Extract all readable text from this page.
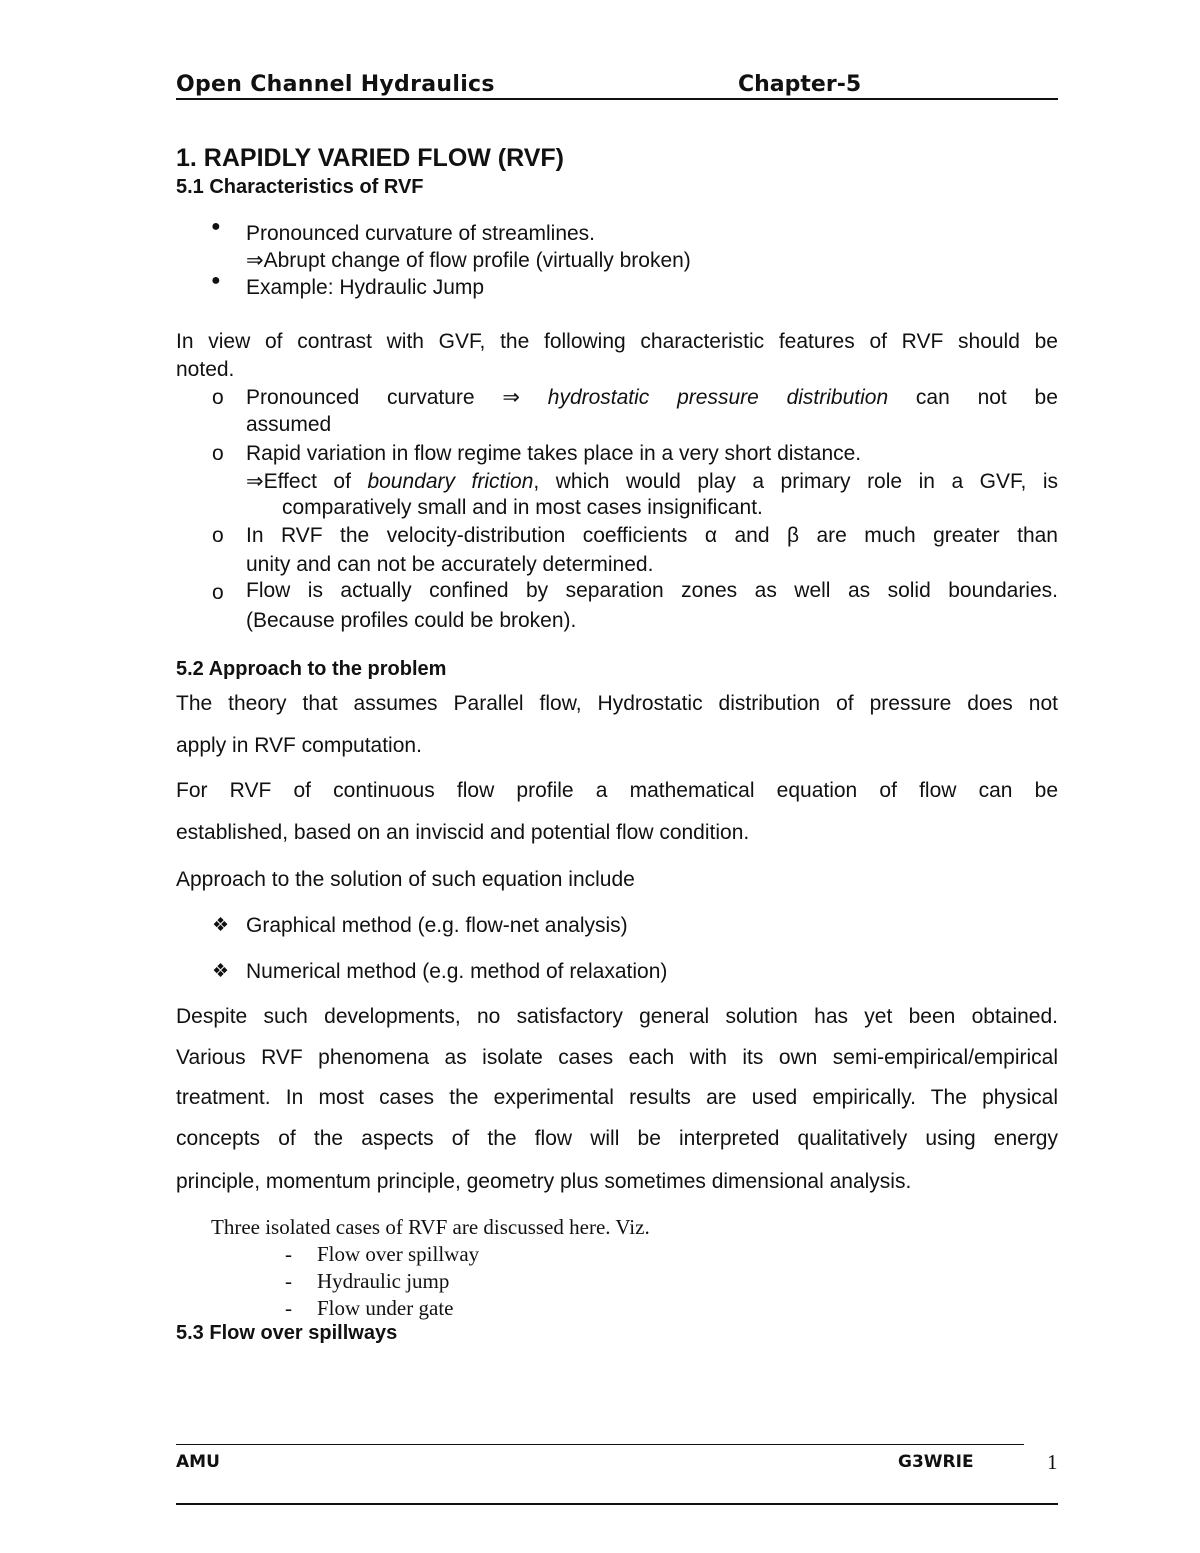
Open Channel Hydraulics	Chapter-5
1. RAPIDLY VARIED FLOW (RVF)
5.1 Characteristics of RVF
● Pronounced curvature of streamlines.
⇒Abrupt change of flow profile (virtually broken)
● Example: Hydraulic Jump
In view of contrast with GVF, the following characteristic features of RVF should be
noted.
o Pronounced curvature ⇒ hydrostatic pressure distribution can not be
assumed
o Rapid variation in flow regime takes place in a very short distance.
⇒Effect of boundary friction, which would play a primary role in a GVF, is
comparatively small and in most cases insignificant.
o In RVF the velocity-distribution coefficients α and β are much greater than
unity and can not be accurately determined.
o Flow is actually confined by separation zones as well as solid boundaries.
(Because profiles could be broken).
5.2 Approach to the problem
The theory that assumes Parallel flow, Hydrostatic distribution of pressure does not
apply in RVF computation.
For RVF of continuous flow profile a mathematical equation of flow can be
established, based on an inviscid and potential flow condition.
Approach to the solution of such equation include
❖ Graphical method (e.g. flow-net analysis)
❖ Numerical method (e.g. method of relaxation)
Despite such developments, no satisfactory general solution has yet been obtained.
Various RVF phenomena as isolate cases each with its own semi-empirical/empirical
treatment. In most cases the experimental results are used empirically. The physical
concepts of the aspects of the flow will be interpreted qualitatively using energy
principle, momentum principle, geometry plus sometimes dimensional analysis.
Three isolated cases of RVF are discussed here. Viz.
- Flow over spillway
- Hydraulic jump
- Flow under gate
5.3 Flow over spillways
AMU	G3WRIE	1
